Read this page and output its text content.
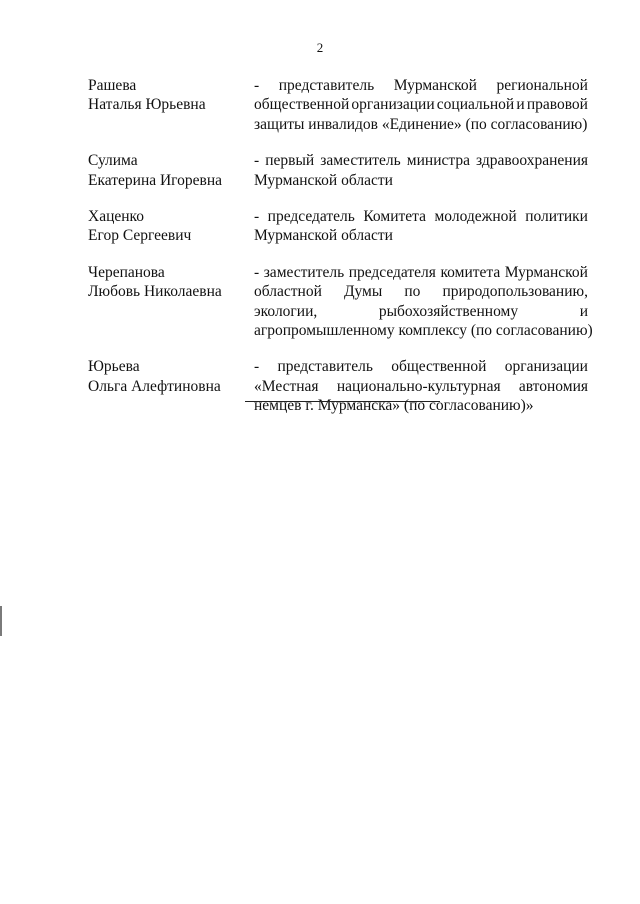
2
Рашева
Наталья Юрьевна
- представитель Мурманской региональной
общественной организации социальной и правовой
защиты инвалидов «Единение» (по согласованию)
Сулима
Екатерина Игоревна
- первый заместитель министра здравоохранения
Мурманской области
Хаценко
Егор Сергеевич
- председатель Комитета молодежной политики
Мурманской области
Черепанова
Любовь Николаевна
- заместитель председателя комитета Мурманской
областной Думы по природопользованию,
экологии,	рыбохозяйственному	и
агропромышленному комплексу (по согласованию)
Юрьева
Ольга Алефтиновна
- представитель общественной организации
«Местная национально-культурная автономия
немцев г. Мурманска» (по согласованию)»
